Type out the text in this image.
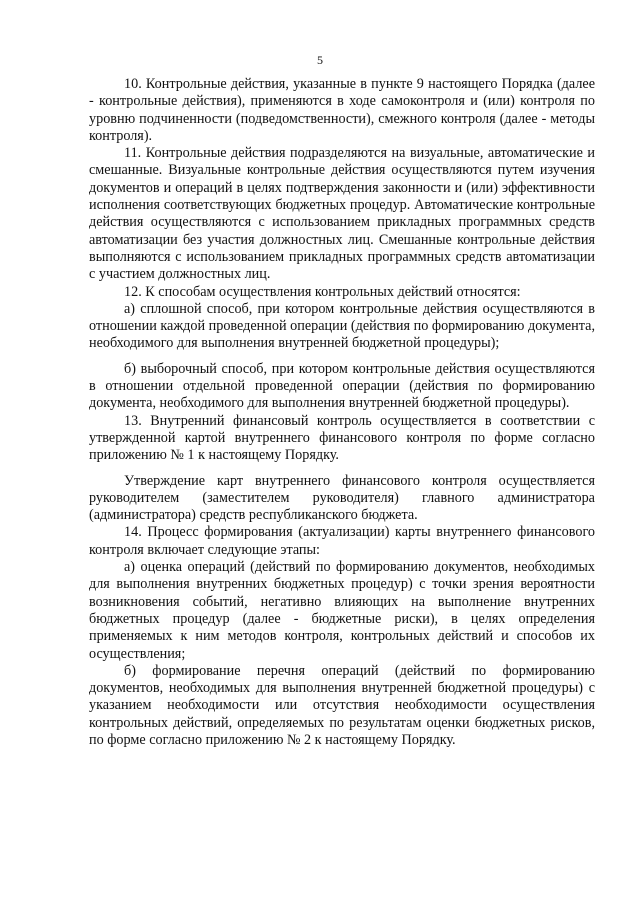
5

10. Контрольные действия, указанные в пункте 9 настоящего Порядка (далее - контрольные действия), применяются в ходе самоконтроля и (или) контроля по уровню подчиненности (подведомственности), смежного контроля (далее - методы контроля).

11. Контрольные действия подразделяются на визуальные, автоматические и смешанные. Визуальные контрольные действия осуществляются путем изучения документов и операций в целях подтверждения законности и (или) эффективности исполнения соответствующих бюджетных процедур. Автоматические контрольные действия осуществляются с использованием прикладных программных средств автоматизации без участия должностных лиц. Смешанные контрольные действия выполняются с использованием прикладных программных средств автоматизации с участием должностных лиц.

12. К способам осуществления контрольных действий относятся:

а) сплошной способ, при котором контрольные действия осуществляются в отношении каждой проведенной операции (действия по формированию документа, необходимого для выполнения внутренней бюджетной процедуры);

б) выборочный способ, при котором контрольные действия осуществляются в отношении отдельной проведенной операции (действия по формированию документа, необходимого для выполнения внутренней бюджетной процедуры).

13. Внутренний финансовый контроль осуществляется в соответствии с утвержденной картой внутреннего финансового контроля по форме согласно приложению № 1 к настоящему Порядку.

Утверждение карт внутреннего финансового контроля осуществляется руководителем (заместителем руководителя) главного администратора (администратора) средств республиканского бюджета.

14. Процесс формирования (актуализации) карты внутреннего финансового контроля включает следующие этапы:

а) оценка операций (действий по формированию документов, необходимых для выполнения внутренних бюджетных процедур) с точки зрения вероятности возникновения событий, негативно влияющих на выполнение внутренних бюджетных процедур (далее - бюджетные риски), в целях определения применяемых к ним методов контроля, контрольных действий и способов их осуществления;

б) формирование перечня операций (действий по формированию документов, необходимых для выполнения внутренней бюджетной процедуры) с указанием необходимости или отсутствия необходимости осуществления контрольных действий, определяемых по результатам оценки бюджетных рисков, по форме согласно приложению № 2 к настоящему Порядку.
